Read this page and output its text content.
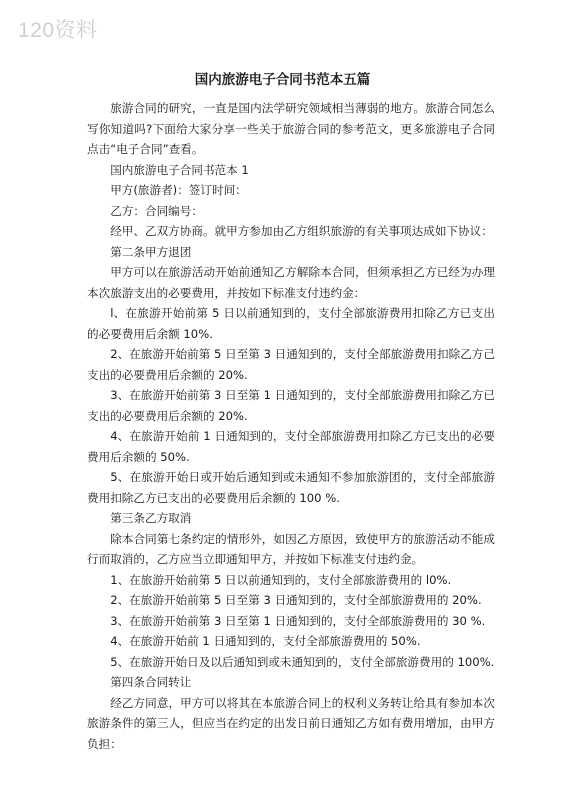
120资料
国内旅游电子合同书范本五篇

旅游合同的研究，一直是国内法学研究领域相当薄弱的地方。旅游合同怎么写你知道吗?下面给大家分享一些关于旅游合同的参考范文，更多旅游电子合同点击“电子合同”查看。

国内旅游电子合同书范本 1

甲方(旅游者)：签订时间：

乙方：合同编号：

经甲、乙双方协商。就甲方参加由乙方组织旅游的有关事项达成如下协议：

第二条甲方退团

甲方可以在旅游活动开始前通知乙方解除本合同，但须承担乙方已经为办理本次旅游支出的必要费用，并按如下标准支付违约金：

l、在旅游开始前第 5 日以前通知到的，支付全部旅游费用扣除乙方已支出的必要费用后余额 10%.

2、在旅游开始前第 5 日至第 3 日通知到的，支付全部旅游费用扣除乙方己支出的必要费用后余额的 20%.

3、在旅游开始前第 3 日至第 1 日通知到的，支付全部旅游费用扣除乙方已支出的必要费用后余额的 20%.

4、在旅游开始前 1 日通知到的，支付全部旅游费用扣除乙方已支出的必要费用后余额的 50%.

5、在旅游开始日或开始后通知到或未通知不参加旅游团的，支付全部旅游费用扣除乙方已支出的必要费用后余额的 100 %.

第三条乙方取消

除本合同第七条约定的情形外，如因乙方原因，致使甲方的旅游活动不能成行而取消的，乙方应当立即通知甲方，并按如下标准支付违约金。

1、在旅游开始前第 5 日以前通知到的，支付全部旅游费用的 l0%.

2、在旅游开始前第 5 日至第 3 日通知到的，支付全部旅游费用的 20%.

3、在旅游开始前第 3 日至第 1 日通知到的，支付全部旅游费用的 30 %.

4、在旅游开始前 1 日通知到的，支付全部旅游费用的 50%.

5、在旅游开始日及以后通知到或未通知到的，支付全部旅游费用的 100%.

第四条合同转让

经乙方同意，甲方可以将其在本旅游合同上的权利义务转让给具有参加本次旅游条件的第三人，但应当在约定的出发日前日通知乙方如有费用增加，由甲方负担：
